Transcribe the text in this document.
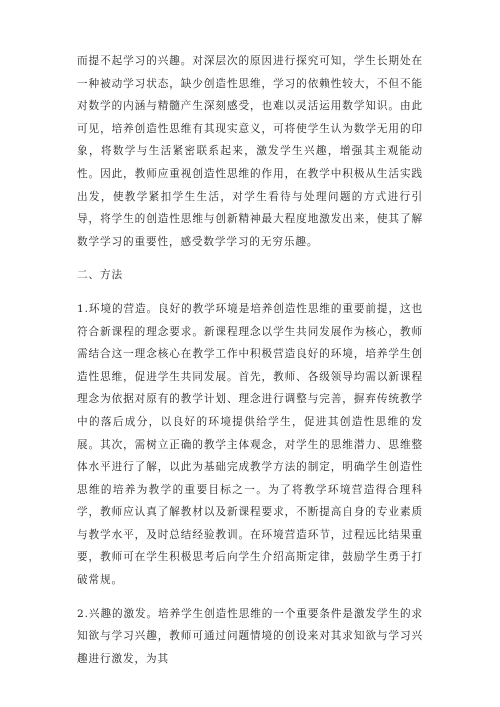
而提不起学习的兴趣。对深层次的原因进行探究可知，学生长期处在一种被动学习状态，缺少创造性思维，学习的依赖性较大，不但不能对数学的内涵与精髓产生深刻感受，也难以灵活运用数学知识。由此可见，培养创造性思维有其现实意义，可将使学生认为数学无用的印象，将数学与生活紧密联系起来，激发学生兴趣，增强其主观能动性。因此，教师应重视创造性思维的作用，在教学中积极从生活实践出发，使教学紧扣学生生活，对学生看待与处理问题的方式进行引导，将学生的创造性思维与创新精神最大程度地激发出来，使其了解数学学习的重要性，感受数学学习的无穷乐趣。

二、方法

1.环境的营造。良好的教学环境是培养创造性思维的重要前提，这也符合新课程的理念要求。新课程理念以学生共同发展作为核心，教师需结合这一理念核心在教学工作中积极营造良好的环境，培养学生创造性思维，促进学生共同发展。首先，教师、各级领导均需以新课程理念为依据对原有的教学计划、理念进行调整与完善，摒弃传统教学中的落后成分，以良好的环境提供给学生，促进其创造性思维的发展。其次，需树立正确的教学主体观念，对学生的思维潜力、思维整体水平进行了解，以此为基础完成教学方法的制定，明确学生创造性思维的培养为教学的重要目标之一。为了将教学环境营造得合理科学，教师应认真了解教材以及新课程要求，不断提高自身的专业素质与教学水平，及时总结经验教训。在环境营造环节，过程远比结果重要，教师可在学生积极思考后向学生介绍高斯定律，鼓励学生勇于打破常规。

2.兴趣的激发。培养学生创造性思维的一个重要条件是激发学生的求知欲与学习兴趣，教师可通过问题情境的创设来对其求知欲与学习兴趣进行激发，为其
